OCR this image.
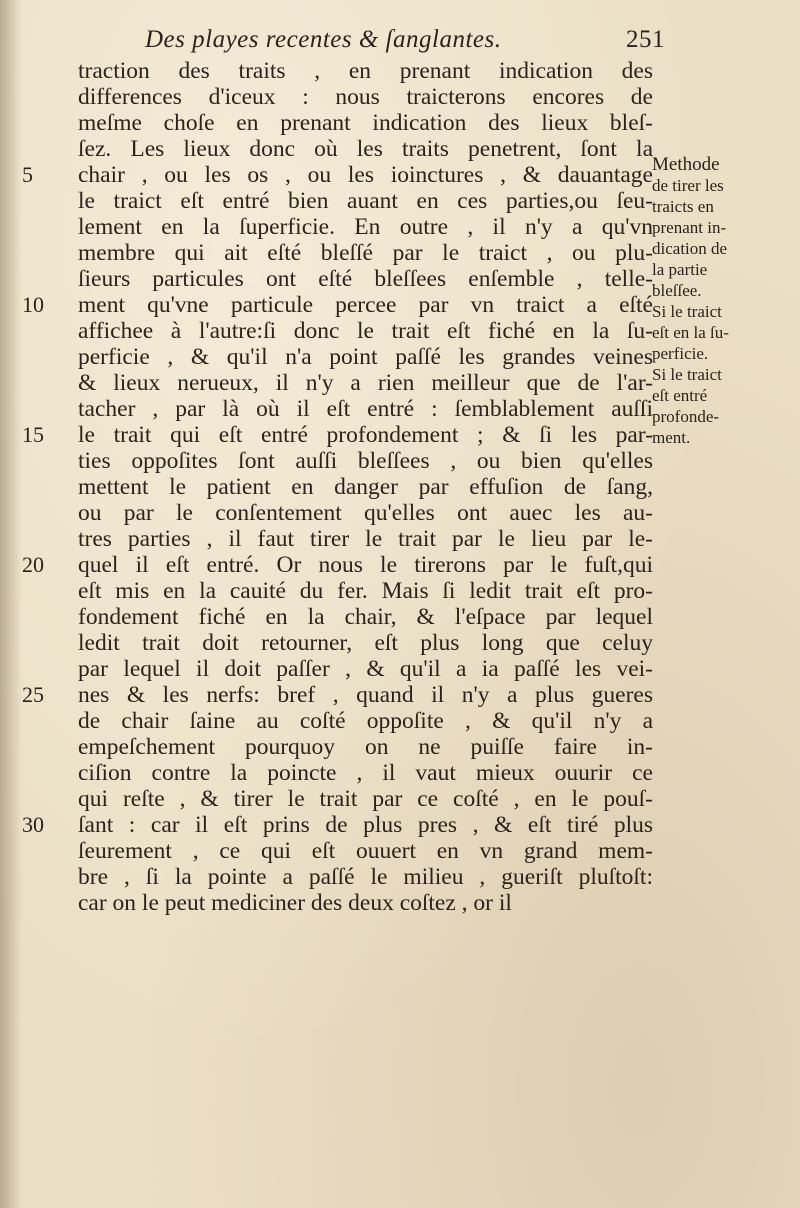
Des playes recentes & ſanglantes.	251
5
10
15
20
25
30
traction des traits , en prenant indication des
differences d'iceux : nous traicterons encores de
meſme choſe en prenant indication des lieux bleſ-
ſez. Les lieux donc où les traits penetrent, ſont la
chair , ou les os , ou les ioinctures , & dauantage
le traict eſt entré bien auant en ces parties,ou ſeu-
lement en la ſuperficie. En outre , il n'y a qu'vn
membre qui ait eſté bleſſé par le traict , ou plu-
ſieurs particules ont eſté bleſſees enſemble , telle-
ment qu'vne particule percee par vn traict a eſté
affichee à l'autre:ſi donc le trait eſt fiché en la ſu-
perficie , & qu'il n'a point paſſé les grandes veines
& lieux nerueux, il n'y a rien meilleur que de l'ar-
tacher , par là où il eſt entré : ſemblablement auſſi
le trait qui eſt entré profondement ; & ſi les par-
ties oppoſites ſont auſſi bleſſees , ou bien qu'elles
mettent le patient en danger par effuſion de ſang,
ou par le conſentement qu'elles ont auec les au-
tres parties , il faut tirer le trait par le lieu par le-
quel il eſt entré. Or nous le tirerons par le fuſt,qui
eſt mis en la cauité du fer. Mais ſi ledit trait eſt pro-
fondement fiché en la chair, & l'eſpace par lequel
ledit trait doit retourner, eſt plus long que celuy
par lequel il doit paſſer , & qu'il a ia paſſé les vei-
nes & les nerfs: bref , quand il n'y a plus gueres
de chair ſaine au coſté oppoſite , & qu'il n'y a
empeſchement pourquoy on ne puiſſe faire in-
ciſion contre la poincte , il vaut mieux ouurir ce
qui reſte , & tirer le trait par ce coſté , en le pouſ-
ſant : car il eſt prins de plus pres , & eſt tiré plus
ſeurement , ce qui eſt ouuert en vn grand mem-
bre , ſi la pointe a paſſé le milieu , gueriſt pluſtoſt:
car on le peut mediciner des deux coſtez , or il
Methode
de tirer les
traicts en
prenant in-
dication de
la partie
bleſſee.
Si le traict
eſt en la ſu-
perficie.
Si le traict
eſt entré
profonde-
ment.
